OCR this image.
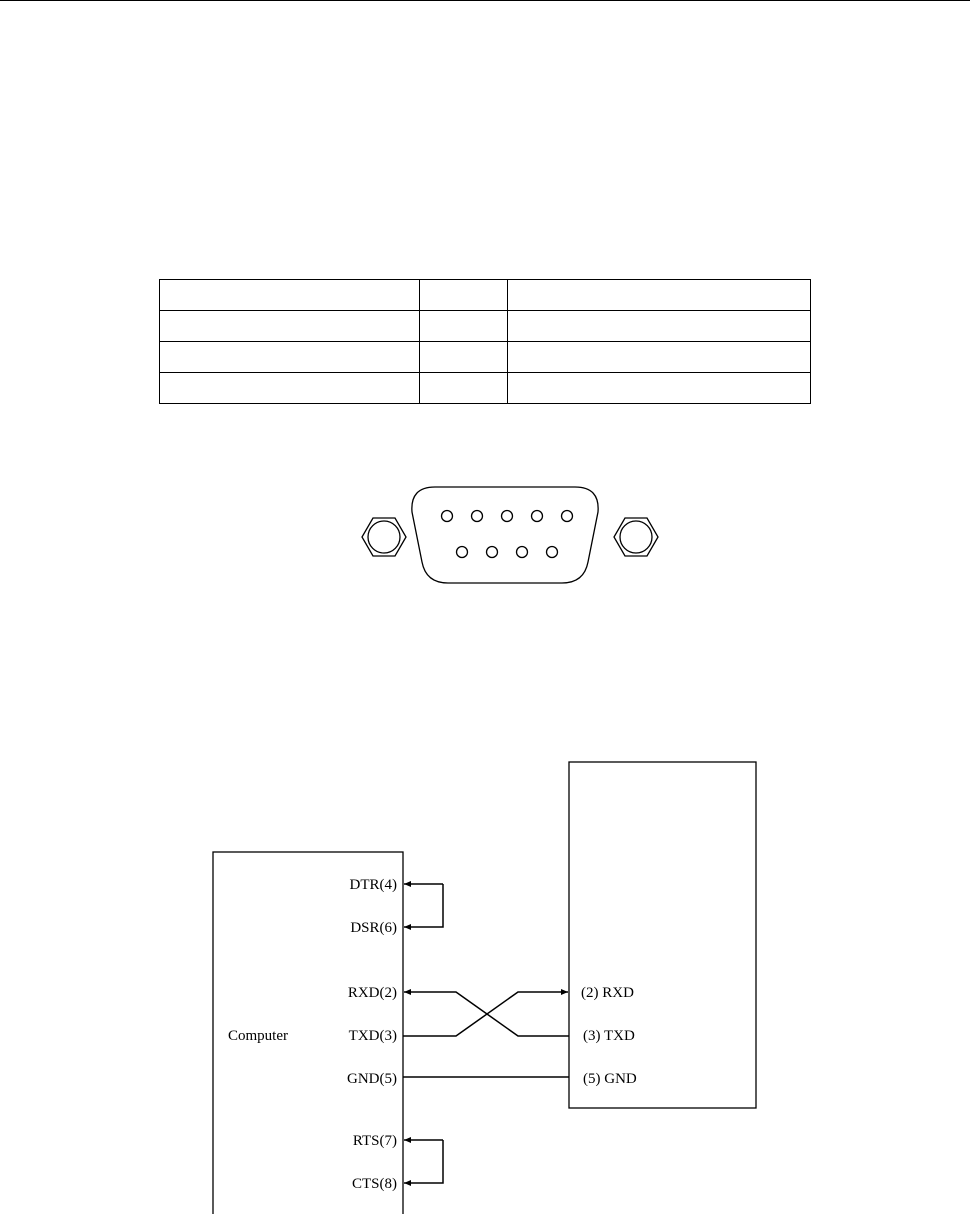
Computer
DTR(4)
DSR(6)
RXD(2)
TXD(3)
GND(5)
RTS(7)
CTS(8)
(2) RXD
(3) TXD
(5) GND
